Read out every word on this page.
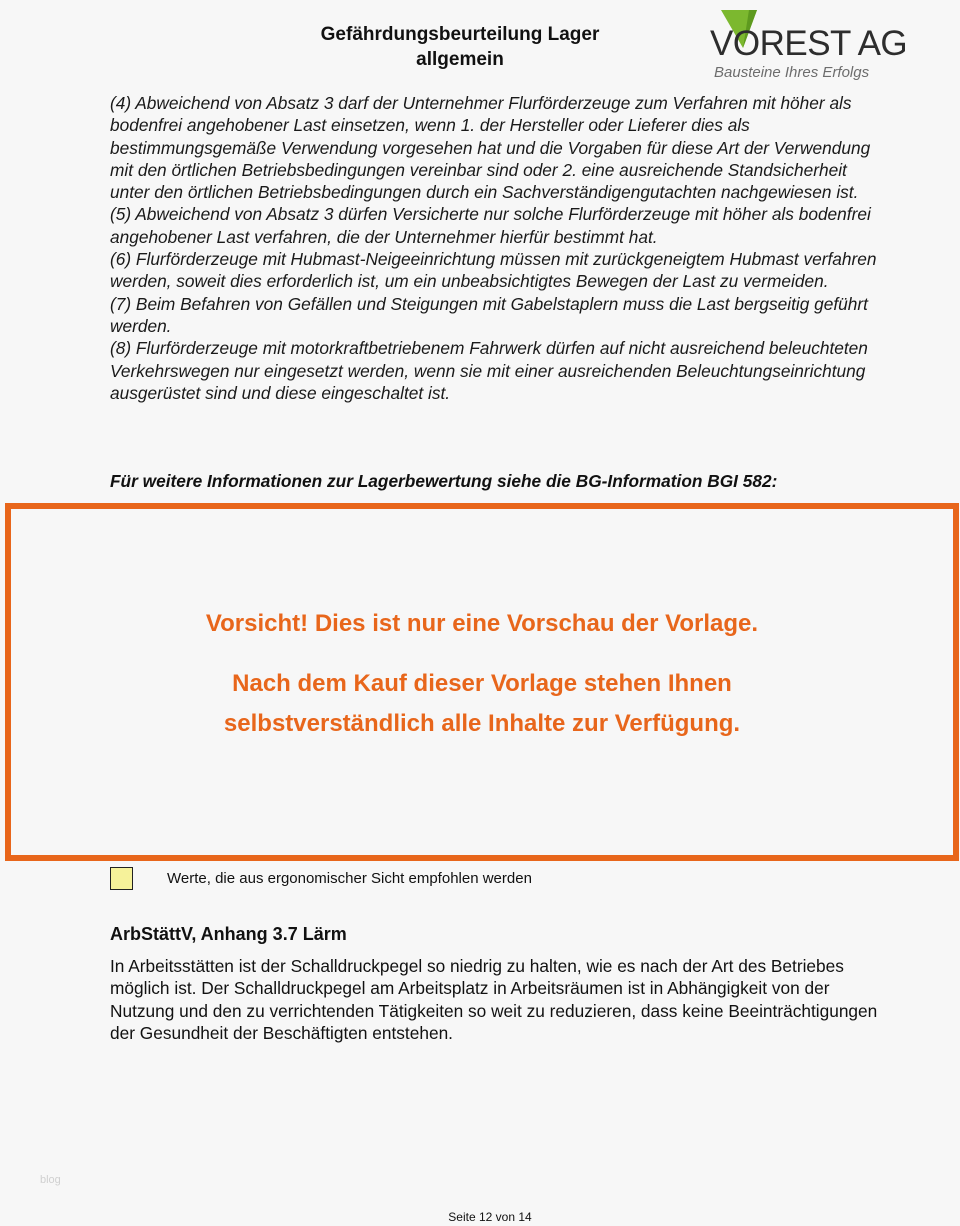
Gefährdungsbeurteilung Lager
allgemein	VOREST AG
Bausteine Ihres Erfolgs

(4) Abweichend von Absatz 3 darf der Unternehmer Flurförderzeuge zum Verfahren mit höher als bodenfrei angehobener Last einsetzen, wenn 1. der Hersteller oder Lieferer dies als bestimmungsgemäße Verwendung vorgesehen hat und die Vorgaben für diese Art der Verwendung mit den örtlichen Betriebsbedingungen vereinbar sind oder 2. eine ausreichende Standsicherheit unter den örtlichen Betriebsbedingungen durch ein Sachverständigengutachten nachgewiesen ist.

(5) Abweichend von Absatz 3 dürfen Versicherte nur solche Flurförderzeuge mit höher als bodenfrei angehobener Last verfahren, die der Unternehmer hierfür bestimmt hat.

(6) Flurförderzeuge mit Hubmast-Neigeeinrichtung müssen mit zurückgeneigtem Hubmast verfahren werden, soweit dies erforderlich ist, um ein unbeabsichtigtes Bewegen der Last zu vermeiden.

(7) Beim Befahren von Gefällen und Steigungen mit Gabelstaplern muss die Last bergseitig geführt werden.

(8) Flurförderzeuge mit motorkraftbetriebenem Fahrwerk dürfen auf nicht ausreichend beleuchteten Verkehrswegen nur eingesetzt werden, wenn sie mit einer ausreichenden Beleuchtungseinrichtung ausgerüstet sind und diese eingeschaltet ist.

Für weitere Informationen zur Lagerbewertung siehe die BG-Information BGI 582:
Vorsicht! Dies ist nur eine Vorschau der Vorlage.
Nach dem Kauf dieser Vorlage stehen Ihnen
selbstverständlich alle Inhalte zur Verfügung.
Werte, die aus ergonomischer Sicht empfohlen werden
ArbStättV, Anhang 3.7 Lärm

In Arbeitsstätten ist der Schalldruckpegel so niedrig zu halten, wie es nach der Art des Betriebes möglich ist. Der Schalldruckpegel am Arbeitsplatz in Arbeitsräumen ist in Abhängigkeit von der Nutzung und den zu verrichtenden Tätigkeiten so weit zu reduzieren, dass keine Beeinträchtigungen der Gesundheit der Beschäftigten entstehen.

blog
Seite 12 von 14
